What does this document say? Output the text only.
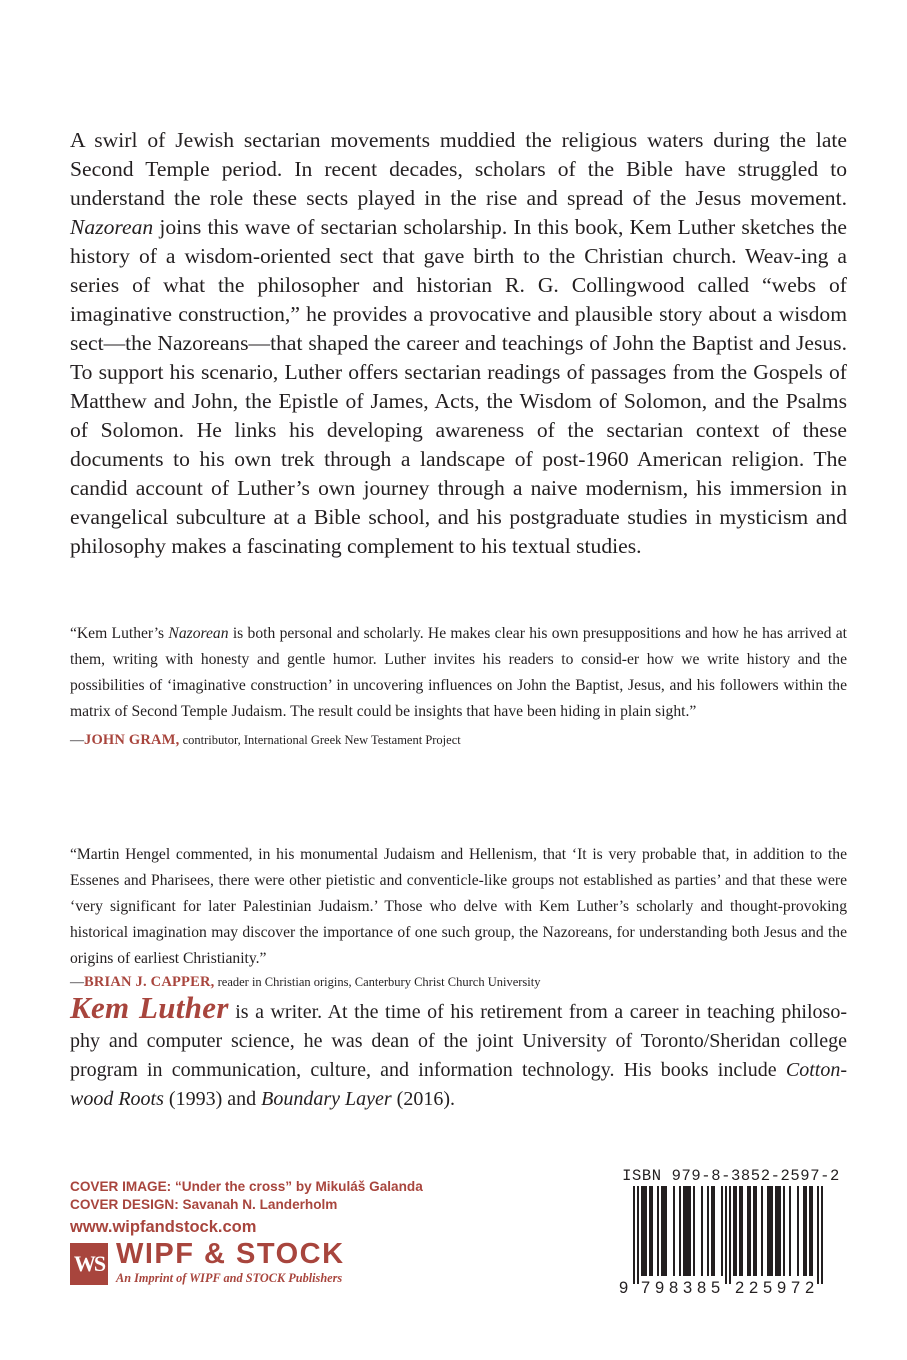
A swirl of Jewish sectarian movements muddied the religious waters during the late Second Temple period. In recent decades, scholars of the Bible have struggled to understand the role these sects played in the rise and spread of the Jesus movement. Nazorean joins this wave of sectarian scholarship. In this book, Kem Luther sketches the history of a wisdom-oriented sect that gave birth to the Christian church. Weav-ing a series of what the philosopher and historian R. G. Collingwood called “webs of imaginative construction,” he provides a provocative and plausible story about a wisdom sect—the Nazoreans—that shaped the career and teachings of John the Baptist and Jesus. To support his scenario, Luther offers sectarian readings of passages from the Gospels of Matthew and John, the Epistle of James, Acts, the Wisdom of Solomon, and the Psalms of Solomon. He links his developing awareness of the sectarian context of these documents to his own trek through a landscape of post-1960 American religion. The candid account of Luther’s own journey through a naive modernism, his immersion in evangelical subculture at a Bible school, and his postgraduate studies in mysticism and philosophy makes a fascinating complement to his textual studies.

“Kem Luther’s Nazorean is both personal and scholarly. He makes clear his own presuppositions and how he has arrived at them, writing with honesty and gentle humor. Luther invites his readers to consid-er how we write history and the possibilities of ‘imaginative construction’ in uncovering influences on John the Baptist, Jesus, and his followers within the matrix of Second Temple Judaism. The result could be insights that have been hiding in plain sight.”

—JOHN GRAM, contributor, International Greek New Testament Project

“Martin Hengel commented, in his monumental Judaism and Hellenism, that ‘It is very probable that, in addition to the Essenes and Pharisees, there were other pietistic and conventicle-like groups not established as parties’ and that these were ‘very significant for later Palestinian Judaism.’ Those who delve with Kem Luther’s scholarly and thought-provoking historical imagination may discover the importance of one such group, the Nazoreans, for understanding both Jesus and the origins of earliest Christianity.”

—BRIAN J. CAPPER, reader in Christian origins, Canterbury Christ Church University

Kem Luther is a writer. At the time of his retirement from a career in teaching philoso-phy and computer science, he was dean of the joint University of Toronto/Sheridan college program in communication, culture, and information technology. His books include Cotton-wood Roots (1993) and Boundary Layer (2016).

COVER IMAGE: “Under the cross” by Mikuláš Galanda
COVER DESIGN: Savanah N. Landerholm
www.wipfandstock.com
WS WIPF & STOCK
An Imprint of WIPF and STOCK Publishers
ISBN 979-8-3852-2597-2
9 7 9 8 3 8 5 2 2 5 9 7 2
